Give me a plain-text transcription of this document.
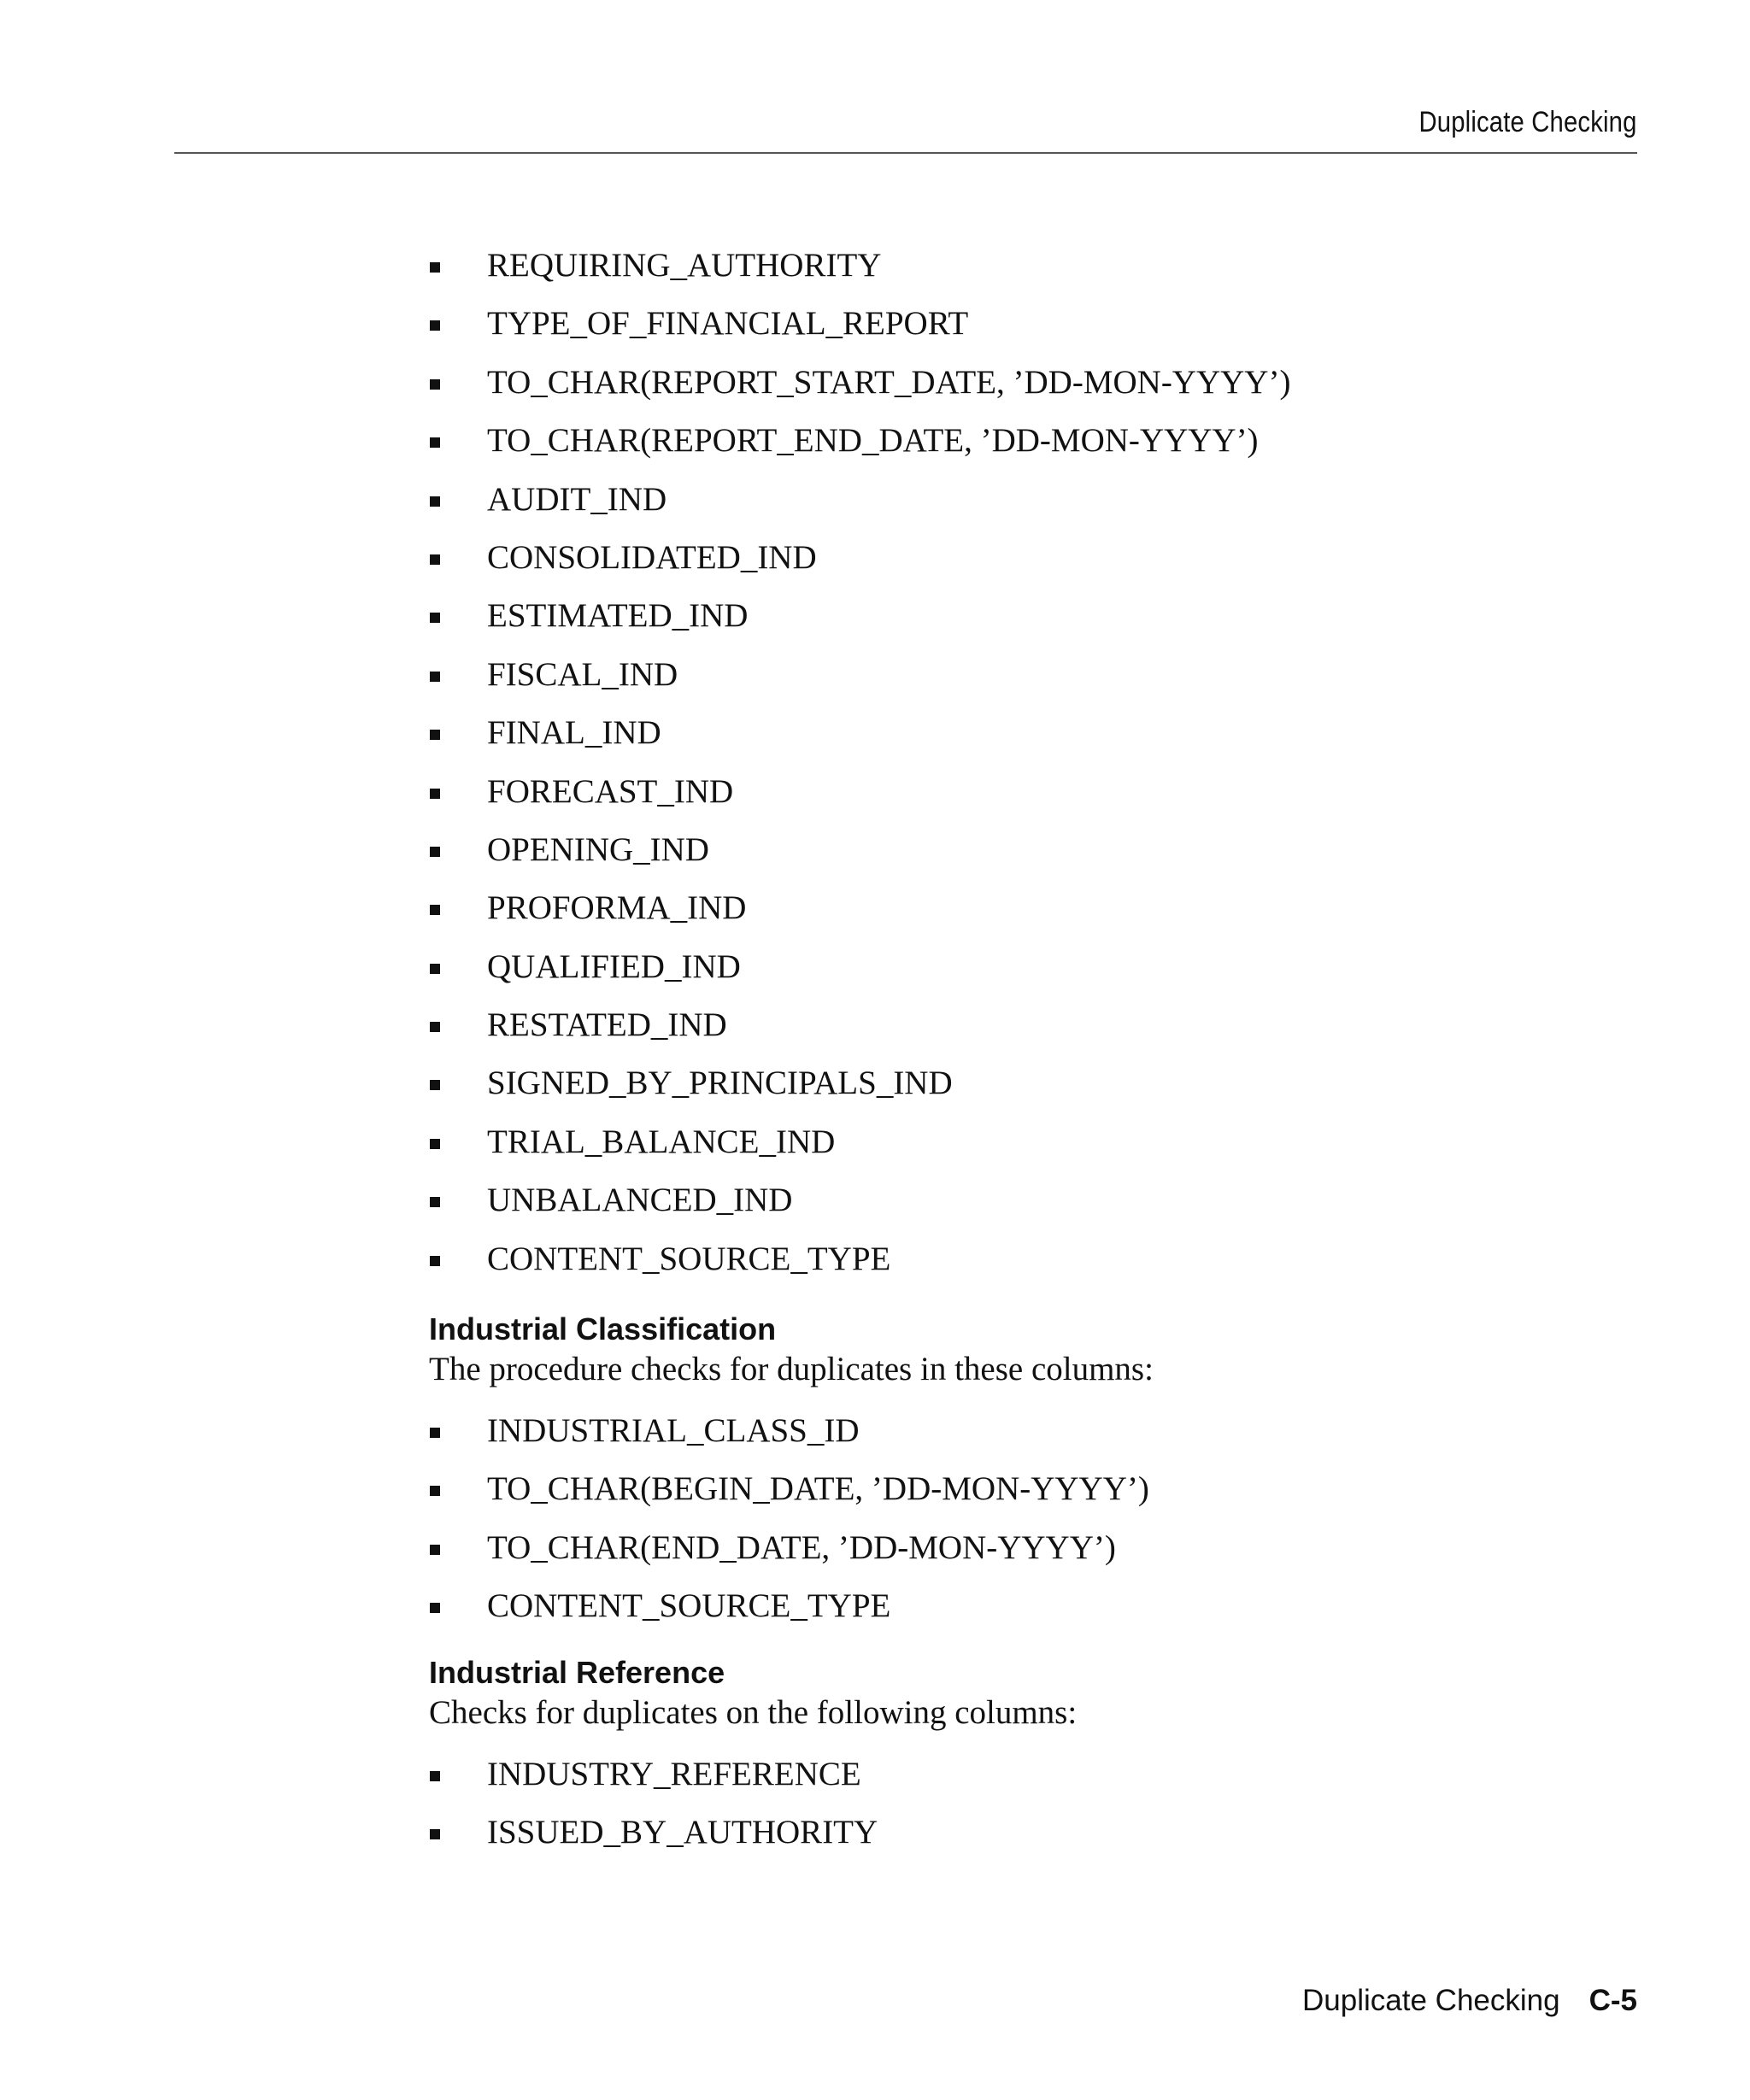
Duplicate Checking
REQUIRING_AUTHORITY
TYPE_OF_FINANCIAL_REPORT
TO_CHAR(REPORT_START_DATE, ’DD-MON-YYYY’)
TO_CHAR(REPORT_END_DATE, ’DD-MON-YYYY’)
AUDIT_IND
CONSOLIDATED_IND
ESTIMATED_IND
FISCAL_IND
FINAL_IND
FORECAST_IND
OPENING_IND
PROFORMA_IND
QUALIFIED_IND
RESTATED_IND
SIGNED_BY_PRINCIPALS_IND
TRIAL_BALANCE_IND
UNBALANCED_IND
CONTENT_SOURCE_TYPE
Industrial Classification
The procedure checks for duplicates in these columns:
INDUSTRIAL_CLASS_ID
TO_CHAR(BEGIN_DATE, ’DD-MON-YYYY’)
TO_CHAR(END_DATE, ’DD-MON-YYYY’)
CONTENT_SOURCE_TYPE
Industrial Reference
Checks for duplicates on the following columns:
INDUSTRY_REFERENCE
ISSUED_BY_AUTHORITY
Duplicate Checking C-5
